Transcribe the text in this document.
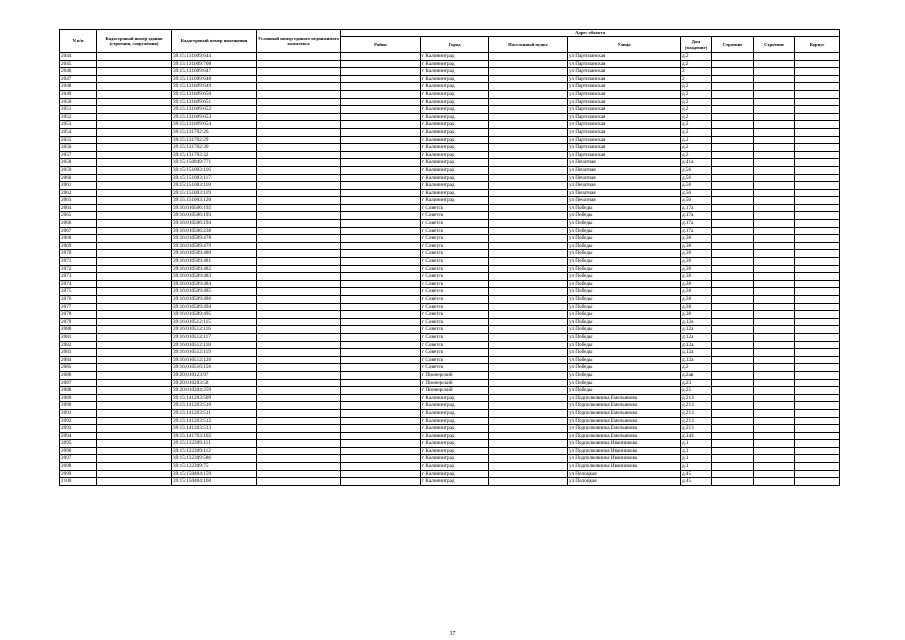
N п/п	Кадастровый номер здания (строения, сооружения)	Кадастровый номер помещения	Условный номер единого недвижимого комплекса	Адрес объекта							
				Район	Город	Населенный пункт	Улица	Дом (владение)	Строение	Строение	Корпус
2044		39:15:131609:644			г Калининград		ул Партизанская	д.2			
2045		39:15:131609:708			г Калининград		ул Партизанская	д.2			
2046		39:15:131609:647			г Калининград		ул Партизанская	2			
2047		39:15:131609:648			г Калининград		ул Партизанская	2			
2048		39:15:131609:649			г Калининград		ул Партизанская	д.2			
2049		39:15:131609:650			г Калининград		ул Партизанская	д.2			
2050		39:15:131609:651			г Калининград		ул Партизанская	д.2			
2051		39:15:131609:652			г Калининград		ул Партизанская	д.2			
2052		39:15:131609:653			г Калининград		ул Партизанская	д.2			
2053		39:15:131609:654			г Калининград		ул Партизанская	д.2			
2054		39:15:131702:26			г Калининград		ул Партизанская	д.2			
2055		39:15:131702:29			г Калининград		ул Партизанская	д.2			
2056		39:15:131702:30			г Калининград		ул Партизанская	д.2			
2057		39:15:131702:32			г Калининград		ул Партизанская	д.2			
2058		39:15:150849:771			г Калининград		ул Печатная	д.41а			
2059		39:15:151003:116			г Калининград		ул Печатная	д.56			
2060		39:15:151003:117			г Калининград		ул Печатная	д.56			
2061		39:15:151003:118			г Калининград		ул Печатная	д.56			
2062		39:15:151003:119			г Калининград		ул Печатная	д.56			
2063		39:15:151003:120			г Калининград		ул Печатная	д.56			
2064		39:16:010506:192			г Советск		ул Победы	д.17а			
2065		39:16:010506:193			г Советск		ул Победы	д.17а			
2066		39:16:010506:194			г Советск		ул Победы	д.17а			
2067		39:16:010506:238			г Советск		ул Победы	д.17а			
2068		39:16:010509:478			г Советск		ул Победы	д.38			
2069		39:16:010509:479			г Советск		ул Победы	д.38			
2070		39:16:010509:480			г Советск		ул Победы	д.38			
2071		39:16:010509:481			г Советск		ул Победы	д.38			
2072		39:16:010509:482			г Советск		ул Победы	д.38			
2073		39:16:010509:483			г Советск		ул Победы	д.38			
2074		39:16:010509:484			г Советск		ул Победы	д.38			
2075		39:16:010509:485			г Советск		ул Победы	д.38			
2076		39:16:010509:486			г Советск		ул Победы	д.38			
2077		39:16:010509:494			г Советск		ул Победы	д.38			
2078		39:16:010509:495			г Советск		ул Победы	д.38			
2079		39:16:010512:115			г Советск		ул Победы	д.12а			
2080		39:16:010512:116			г Советск		ул Победы	д.12а			
2081		39:16:010512:117			г Советск		ул Победы	д.12а			
2082		39:16:010512:118			г Советск		ул Победы	д.12а			
2083		39:16:010512:119			г Советск		ул Победы	д.12а			
2084		39:16:010512:120			г Советск		ул Победы	д.12а			
2085		39:16:010516:156			г Советск		ул Победы	д.2			
2086		39:20:010123:97			г Пионерский		ул Победы	д.2ав			
2087		39:20:010203:58			г Пионерский		ул Победы	д.23			
2088		39:20:010204:259			г Пионерский		ул Победы	д.25			
2089		39:15:141203:509			г Калининград		ул Подполковника Емельянова	д.213			
2090		39:15:141203:510			г Калининград		ул Подполковника Емельянова	д.213			
2091		39:15:141203:511			г Калининград		ул Подполковника Емельянова	д.213			
2092		39:15:141203:512			г Калининград		ул Подполковника Емельянова	д.213			
2093		39:15:141203:513			г Калининград		ул Подполковника Емельянова	д.213			
2094		39:15:141703:102			г Калининград		ул Подполковника Емельянова	д.144			
2095		39:15:132309:111			г Калининград		ул Подполковника Иванникова	д.1			
2096		39:15:132309:112			г Калининград		ул Подполковника Иванникова	д.1			
2097		39:15:132309:586			г Калининград		ул Подполковника Иванникова	д.1			
2098		39:15:132309:75			г Калининград		ул Подполковника Иванникова	д.1			
2099		39:15:150404:159			г Калининград		ул Полоцкая	д.45			
2100		39:15:150404:160			г Калининград		ул Полоцкая	д.45			
37
